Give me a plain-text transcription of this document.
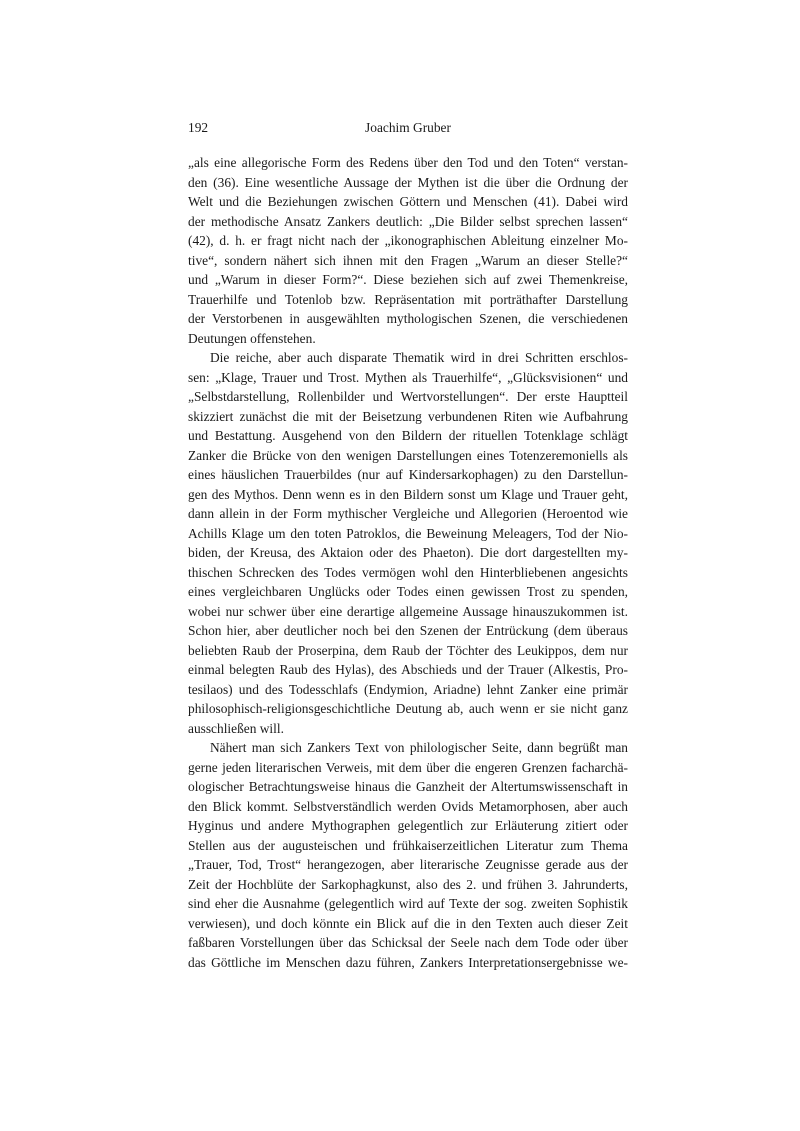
192	Joachim Gruber
„als eine allegorische Form des Redens über den Tod und den Toten“ verstan-
den (36). Eine wesentliche Aussage der Mythen ist die über die Ordnung der
Welt und die Beziehungen zwischen Göttern und Menschen (41). Dabei wird
der methodische Ansatz Zankers deutlich: „Die Bilder selbst sprechen lassen“
(42), d. h. er fragt nicht nach der „ikonographischen Ableitung einzelner Mo-
tive“, sondern nähert sich ihnen mit den Fragen „Warum an dieser Stelle?“
und „Warum in dieser Form?“. Diese beziehen sich auf zwei Themenkreise,
Trauerhilfe und Totenlob bzw. Repräsentation mit porträthafter Darstellung
der Verstorbenen in ausgewählten mythologischen Szenen, die verschiedenen
Deutungen offenstehen.
Die reiche, aber auch disparate Thematik wird in drei Schritten erschlos-
sen: „Klage, Trauer und Trost. Mythen als Trauerhilfe“, „Glücksvisionen“ und
„Selbstdarstellung, Rollenbilder und Wertvorstellungen“. Der erste Hauptteil
skizziert zunächst die mit der Beisetzung verbundenen Riten wie Aufbahrung
und Bestattung. Ausgehend von den Bildern der rituellen Totenklage schlägt
Zanker die Brücke von den wenigen Darstellungen eines Totenzeremoniells als
eines häuslichen Trauerbildes (nur auf Kindersarkophagen) zu den Darstellun-
gen des Mythos. Denn wenn es in den Bildern sonst um Klage und Trauer geht,
dann allein in der Form mythischer Vergleiche und Allegorien (Heroentod wie
Achills Klage um den toten Patroklos, die Beweinung Meleagers, Tod der Nio-
biden, der Kreusa, des Aktaion oder des Phaeton). Die dort dargestellten my-
thischen Schrecken des Todes vermögen wohl den Hinterbliebenen angesichts
eines vergleichbaren Unglücks oder Todes einen gewissen Trost zu spenden,
wobei nur schwer über eine derartige allgemeine Aussage hinauszukommen ist.
Schon hier, aber deutlicher noch bei den Szenen der Entrückung (dem überaus
beliebten Raub der Proserpina, dem Raub der Töchter des Leukippos, dem nur
einmal belegten Raub des Hylas), des Abschieds und der Trauer (Alkestis, Pro-
tesilaos) und des Todesschlafs (Endymion, Ariadne) lehnt Zanker eine primär
philosophisch-religionsgeschichtliche Deutung ab, auch wenn er sie nicht ganz
ausschließen will.
Nähert man sich Zankers Text von philologischer Seite, dann begrüßt man
gerne jeden literarischen Verweis, mit dem über die engeren Grenzen facharchä-
ologischer Betrachtungsweise hinaus die Ganzheit der Altertumswissenschaft in
den Blick kommt. Selbstverständlich werden Ovids Metamorphosen, aber auch
Hyginus und andere Mythographen gelegentlich zur Erläuterung zitiert oder
Stellen aus der augusteischen und frühkaiserzeitlichen Literatur zum Thema
„Trauer, Tod, Trost“ herangezogen, aber literarische Zeugnisse gerade aus der
Zeit der Hochblüte der Sarkophagkunst, also des 2. und frühen 3. Jahrunderts,
sind eher die Ausnahme (gelegentlich wird auf Texte der sog. zweiten Sophistik
verwiesen), und doch könnte ein Blick auf die in den Texten auch dieser Zeit
faßbaren Vorstellungen über das Schicksal der Seele nach dem Tode oder über
das Göttliche im Menschen dazu führen, Zankers Interpretationsergebnisse we-
